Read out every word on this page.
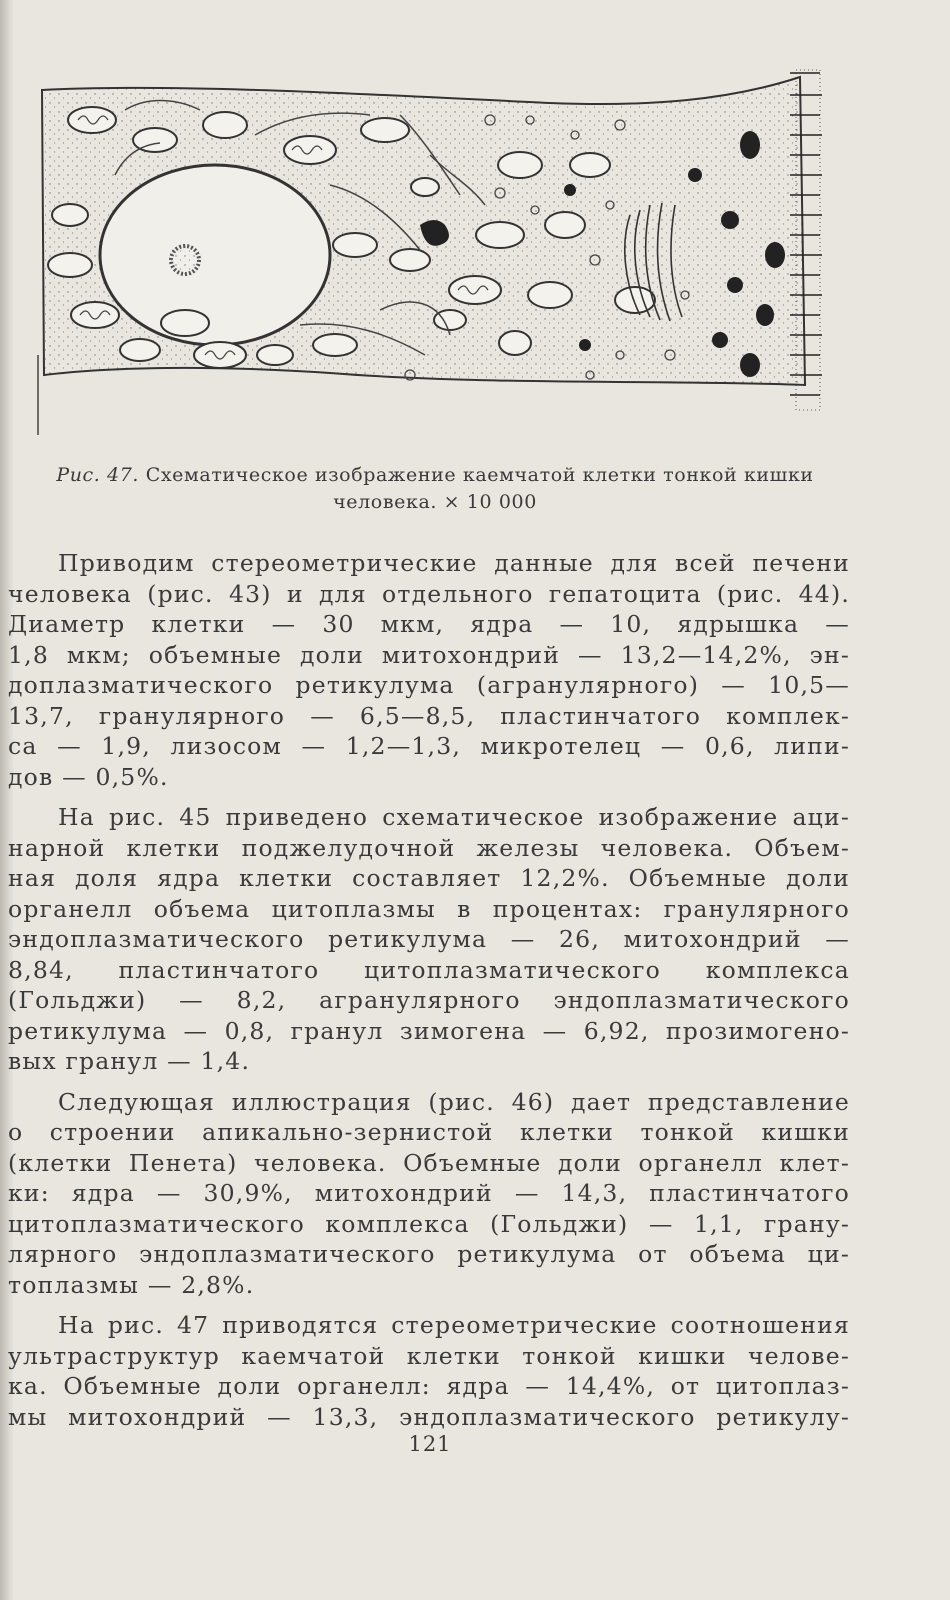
Рис. 47. Схематическое изображение каемчатой клетки тонкой кишки
человека. × 10 000
Приводим стереометрические данные для всей печени
человека (рис. 43) и для отдельного гепатоцита (рис. 44).
Диаметр клетки — 30 мкм, ядра — 10, ядрышка —
1,8 мкм; объемные доли митохондрий — 13,2—14,2%, эн-
доплазматического ретикулума (агранулярного) — 10,5—
13,7, гранулярного — 6,5—8,5, пластинчатого комплек-
са — 1,9, лизосом — 1,2—1,3, микротелец — 0,6, липи-
дов — 0,5%.
На рис. 45 приведено схематическое изображение аци-
нарной клетки поджелудочной железы человека. Объем-
ная доля ядра клетки составляет 12,2%. Объемные доли
органелл объема цитоплазмы в процентах: гранулярного
эндоплазматического ретикулума — 26, митохондрий —
8,84, пластинчатого цитоплазматического комплекса
(Гольджи) — 8,2, агранулярного эндоплазматического
ретикулума — 0,8, гранул зимогена — 6,92, прозимогено-
вых гранул — 1,4.
Следующая иллюстрация (рис. 46) дает представление
о строении апикально-зернистой клетки тонкой кишки
(клетки Пенета) человека. Объемные доли органелл клет-
ки: ядра — 30,9%, митохондрий — 14,3, пластинчатого
цитоплазматического комплекса (Гольджи) — 1,1, грану-
лярного эндоплазматического ретикулума от объема ци-
топлазмы — 2,8%.
На рис. 47 приводятся стереометрические соотношения
ультраструктур каемчатой клетки тонкой кишки челове-
ка. Объемные доли органелл: ядра — 14,4%, от цитоплаз-
мы митохондрий — 13,3, эндоплазматического ретикулу-
121
